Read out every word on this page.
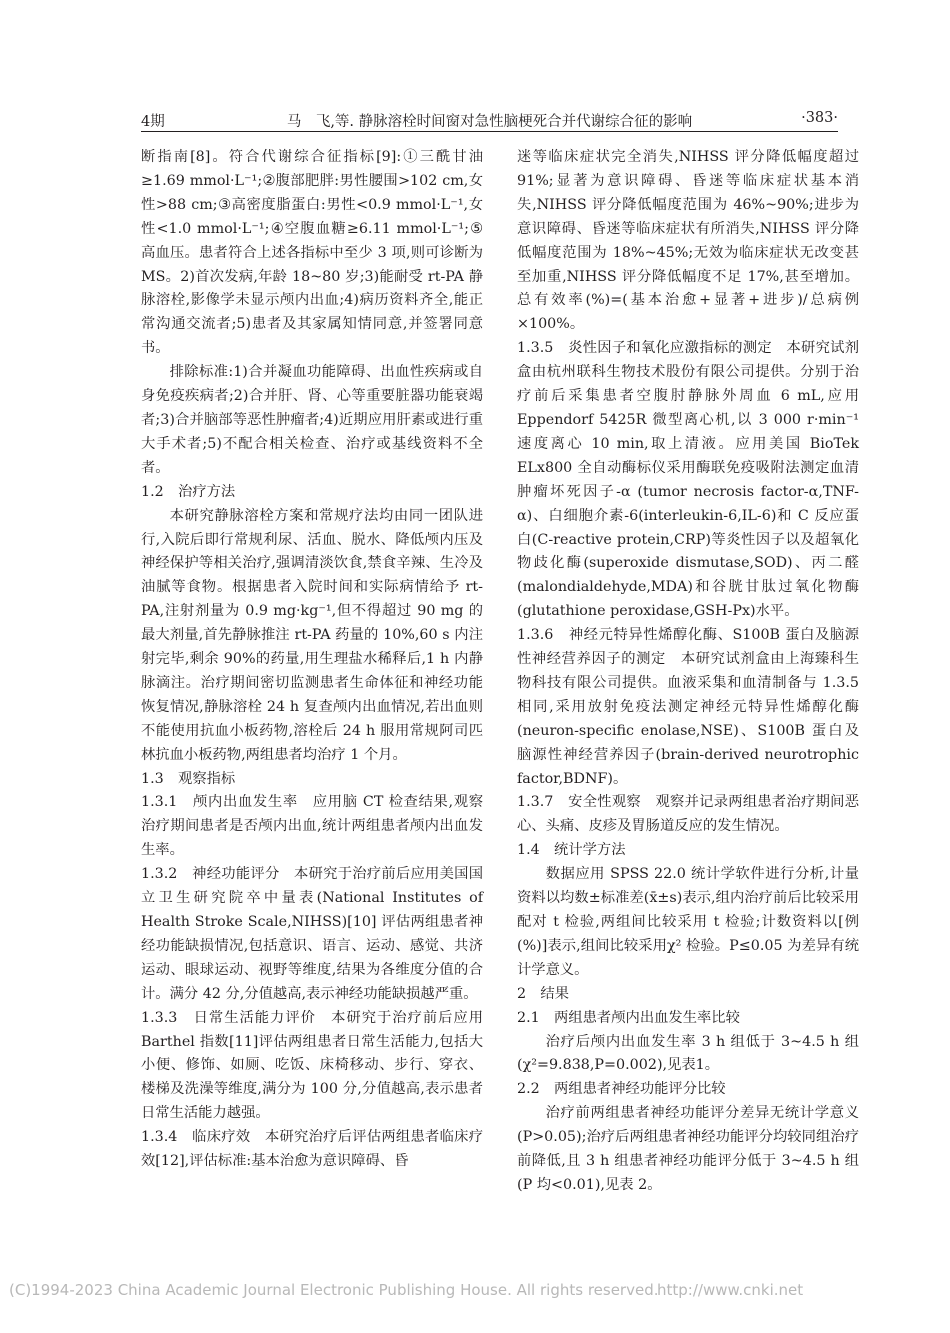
4期	马　飞,等. 静脉溶栓时间窗对急性脑梗死合并代谢综合征的影响	·383·

断指南[8]。符合代谢综合征指标[9]:①三酰甘油≥1.69 mmol·L⁻¹;②腹部肥胖:男性腰围>102 cm,女性>88 cm;③高密度脂蛋白:男性<0.9 mmol·L⁻¹,女性<1.0 mmol·L⁻¹;④空腹血糖≥6.11 mmol·L⁻¹;⑤高血压。患者符合上述各指标中至少 3 项,则可诊断为 MS。2)首次发病,年龄 18~80 岁;3)能耐受 rt-PA 静脉溶栓,影像学未显示颅内出血;4)病历资料齐全,能正常沟通交流者;5)患者及其家属知情同意,并签署同意书。

排除标准:1)合并凝血功能障碍、出血性疾病或自身免疫疾病者;2)合并肝、肾、心等重要脏器功能衰竭者;3)合并脑部等恶性肿瘤者;4)近期应用肝素或进行重大手术者;5)不配合相关检查、治疗或基线资料不全者。

1.2　治疗方法

本研究静脉溶栓方案和常规疗法均由同一团队进行,入院后即行常规利尿、活血、脱水、降低颅内压及神经保护等相关治疗,强调清淡饮食,禁食辛辣、生冷及油腻等食物。根据患者入院时间和实际病情给予 rt-PA,注射剂量为 0.9 mg·kg⁻¹,但不得超过 90 mg 的最大剂量,首先静脉推注 rt-PA 药量的 10%,60 s 内注射完毕,剩余 90%的药量,用生理盐水稀释后,1 h 内静脉滴注。治疗期间密切监测患者生命体征和神经功能恢复情况,静脉溶栓 24 h 复查颅内出血情况,若出血则不能使用抗血小板药物,溶栓后 24 h 服用常规阿司匹林抗血小板药物,两组患者均治疗 1 个月。

1.3　观察指标

1.3.1　颅内出血发生率　应用脑 CT 检查结果,观察治疗期间患者是否颅内出血,统计两组患者颅内出血发生率。

1.3.2　神经功能评分　本研究于治疗前后应用美国国立卫生研究院卒中量表(National Institutes of Health Stroke Scale,NIHSS)[10] 评估两组患者神经功能缺损情况,包括意识、语言、运动、感觉、共济运动、眼球运动、视野等维度,结果为各维度分值的合计。满分 42 分,分值越高,表示神经功能缺损越严重。

1.3.3　日常生活能力评价　本研究于治疗前后应用 Barthel 指数[11]评估两组患者日常生活能力,包括大小便、修饰、如厕、吃饭、床椅移动、步行、穿衣、楼梯及洗澡等维度,满分为 100 分,分值越高,表示患者日常生活能力越强。

1.3.4　临床疗效　本研究治疗后评估两组患者临床疗效[12],评估标准:基本治愈为意识障碍、昏

迷等临床症状完全消失,NIHSS 评分降低幅度超过 91%;显著为意识障碍、昏迷等临床症状基本消失,NIHSS 评分降低幅度范围为 46%~90%;进步为意识障碍、昏迷等临床症状有所消失,NIHSS 评分降低幅度范围为 18%~45%;无效为临床症状无改变甚至加重,NIHSS 评分降低幅度不足 17%,甚至增加。总有效率(%)=(基本治愈+显著+进步)/总病例×100%。

1.3.5　炎性因子和氧化应激指标的测定　本研究试剂盒由杭州联科生物技术股份有限公司提供。分别于治疗前后采集患者空腹肘静脉外周血 6 mL,应用 Eppendorf 5425R 微型离心机,以 3 000 r·min⁻¹ 速度离心 10 min,取上清液。应用美国 BioTek ELx800 全自动酶标仪采用酶联免疫吸附法测定血清肿瘤坏死因子-α (tumor necrosis factor-α,TNF-α)、白细胞介素-6(interleukin-6,IL-6)和 C 反应蛋白(C-reactive protein,CRP)等炎性因子以及超氧化物歧化酶(superoxide dismutase,SOD)、丙二醛(malondialdehyde,MDA)和谷胱甘肽过氧化物酶(glutathione peroxidase,GSH-Px)水平。

1.3.6　神经元特异性烯醇化酶、S100B 蛋白及脑源性神经营养因子的测定　本研究试剂盒由上海臻科生物科技有限公司提供。血液采集和血清制备与 1.3.5 相同,采用放射免疫法测定神经元特异性烯醇化酶(neuron-specific enolase,NSE)、S100B 蛋白及脑源性神经营养因子(brain-derived neurotrophic factor,BDNF)。

1.3.7　安全性观察　观察并记录两组患者治疗期间恶心、头痛、皮疹及胃肠道反应的发生情况。

1.4　统计学方法

数据应用 SPSS 22.0 统计学软件进行分析,计量资料以均数±标准差(x̄±s)表示,组内治疗前后比较采用配对 t 检验,两组间比较采用 t 检验;计数资料以[例(%)]表示,组间比较采用χ² 检验。P≤0.05 为差异有统计学意义。

2　结果

2.1　两组患者颅内出血发生率比较

治疗后颅内出血发生率 3 h 组低于 3~4.5 h 组(χ²=9.838,P=0.002),见表1。

2.2　两组患者神经功能评分比较

治疗前两组患者神经功能评分差异无统计学意义(P>0.05);治疗后两组患者神经功能评分均较同组治疗前降低,且 3 h 组患者神经功能评分低于 3~4.5 h 组(P 均<0.01),见表 2。

(C)1994-2023 China Academic Journal Electronic Publishing House. All rights reserved.
http://www.cnki.net
